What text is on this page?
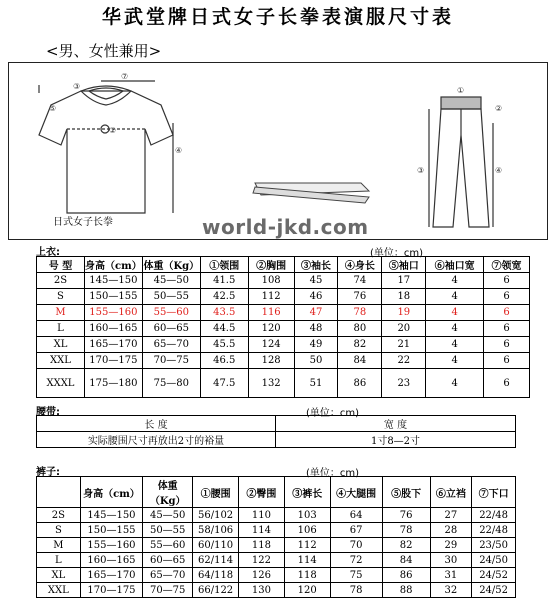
华武堂牌日式女子长拳表演服尺寸表
<男、女性兼用>
③
⑦
⑤
④
②
①
②
③	④
日式女子长拳	world-jkd.com
上衣:	(单位：cm)
号 型	身高（cm）	体重（Kg）	①领围	②胸围	③袖长	④身长	⑤袖口	⑥袖口宽	⑦领宽
2S	145—150	45—50	41.5	108	45	74	17	4	6
S	150—155	50—55	42.5	112	46	76	18	4	6
M	155—160	55—60	43.5	116	47	78	19	4	6
L	160—165	60—65	44.5	120	48	80	20	4	6
XL	165—170	65—70	45.5	124	49	82	21	4	6
XXL	170—175	70—75	46.5	128	50	84	22	4	6
XXXL	175—180	75—80	47.5	132	51	86	23	4	6
腰带:	(单位：cm)
长 度	宽 度
实际腰围尺寸再放出2寸的裕量	1寸8—2寸
裤子:	(单位：cm)
	身高（cm）	体重（Kg）	①腰围	②臀围	③裤长	④大腿围	⑤股下	⑥立裆	⑦下口
2S	145—150	45—50	56/102	110	103	64	76	27	22/48
S	150—155	50—55	58/106	114	106	67	78	28	22/48
M	155—160	55—60	60/110	118	112	70	82	29	23/50
L	160—165	60—65	62/114	122	114	72	84	30	24/50
XL	165—170	65—70	64/118	126	118	75	86	31	24/52
XXL	170—175	70—75	66/122	130	120	78	88	32	24/52
